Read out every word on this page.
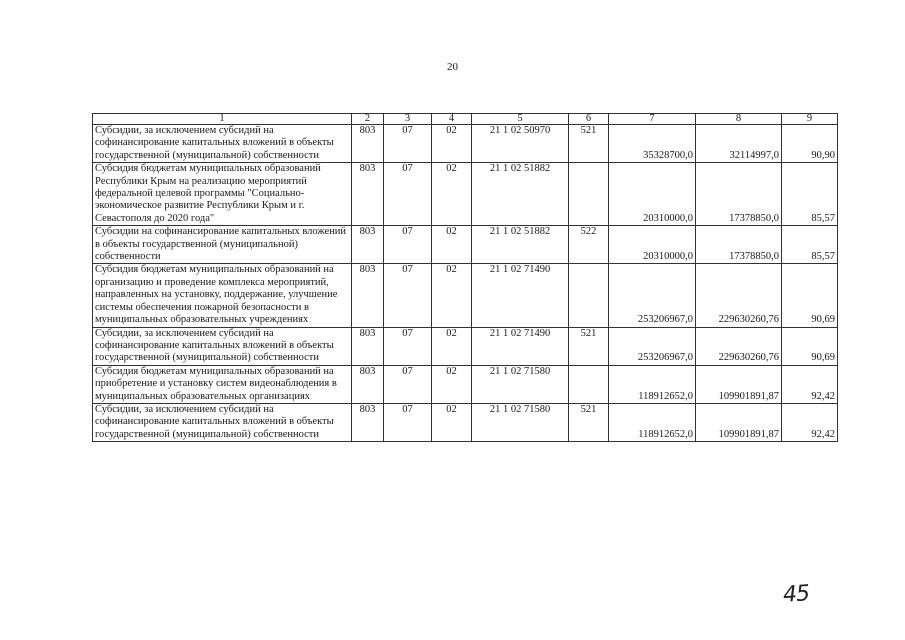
20
1	2	3	4	5	6	7	8	9
Субсидии, за исключением субсидий на софинансирование капитальных вложений в объекты государственной (муниципальной) собственности	803	07	02	21 1 02 50970	521	35328700,0	32114997,0	90,90
Субсидия бюджетам муниципальных образований Республики Крым на реализацию мероприятий федеральной целевой программы "Социально-экономическое развитие Республики Крым и г. Севастополя до 2020 года"	803	07	02	21 1 02 51882		20310000,0	17378850,0	85,57
Субсидии на софинансирование капитальных вложений в объекты государственной (муниципальной) собственности	803	07	02	21 1 02 51882	522	20310000,0	17378850,0	85,57
Субсидия бюджетам муниципальных образований на организацию и проведение комплекса мероприятий, направленных на установку, поддержание, улучшение системы обеспечения пожарной безопасности в муниципальных образовательных учреждениях	803	07	02	21 1 02 71490		253206967,0	229630260,76	90,69
Субсидии, за исключением субсидий на софинансирование капитальных вложений в объекты государственной (муниципальной) собственности	803	07	02	21 1 02 71490	521	253206967,0	229630260,76	90,69
Субсидия бюджетам муниципальных образований на приобретение и установку систем видеонаблюдения в муниципальных образовательных организациях	803	07	02	21 1 02 71580		118912652,0	109901891,87	92,42
Субсидии, за исключением субсидий на софинансирование капитальных вложений в объекты государственной (муниципальной) собственности	803	07	02	21 1 02 71580	521	118912652,0	109901891,87	92,42
45
